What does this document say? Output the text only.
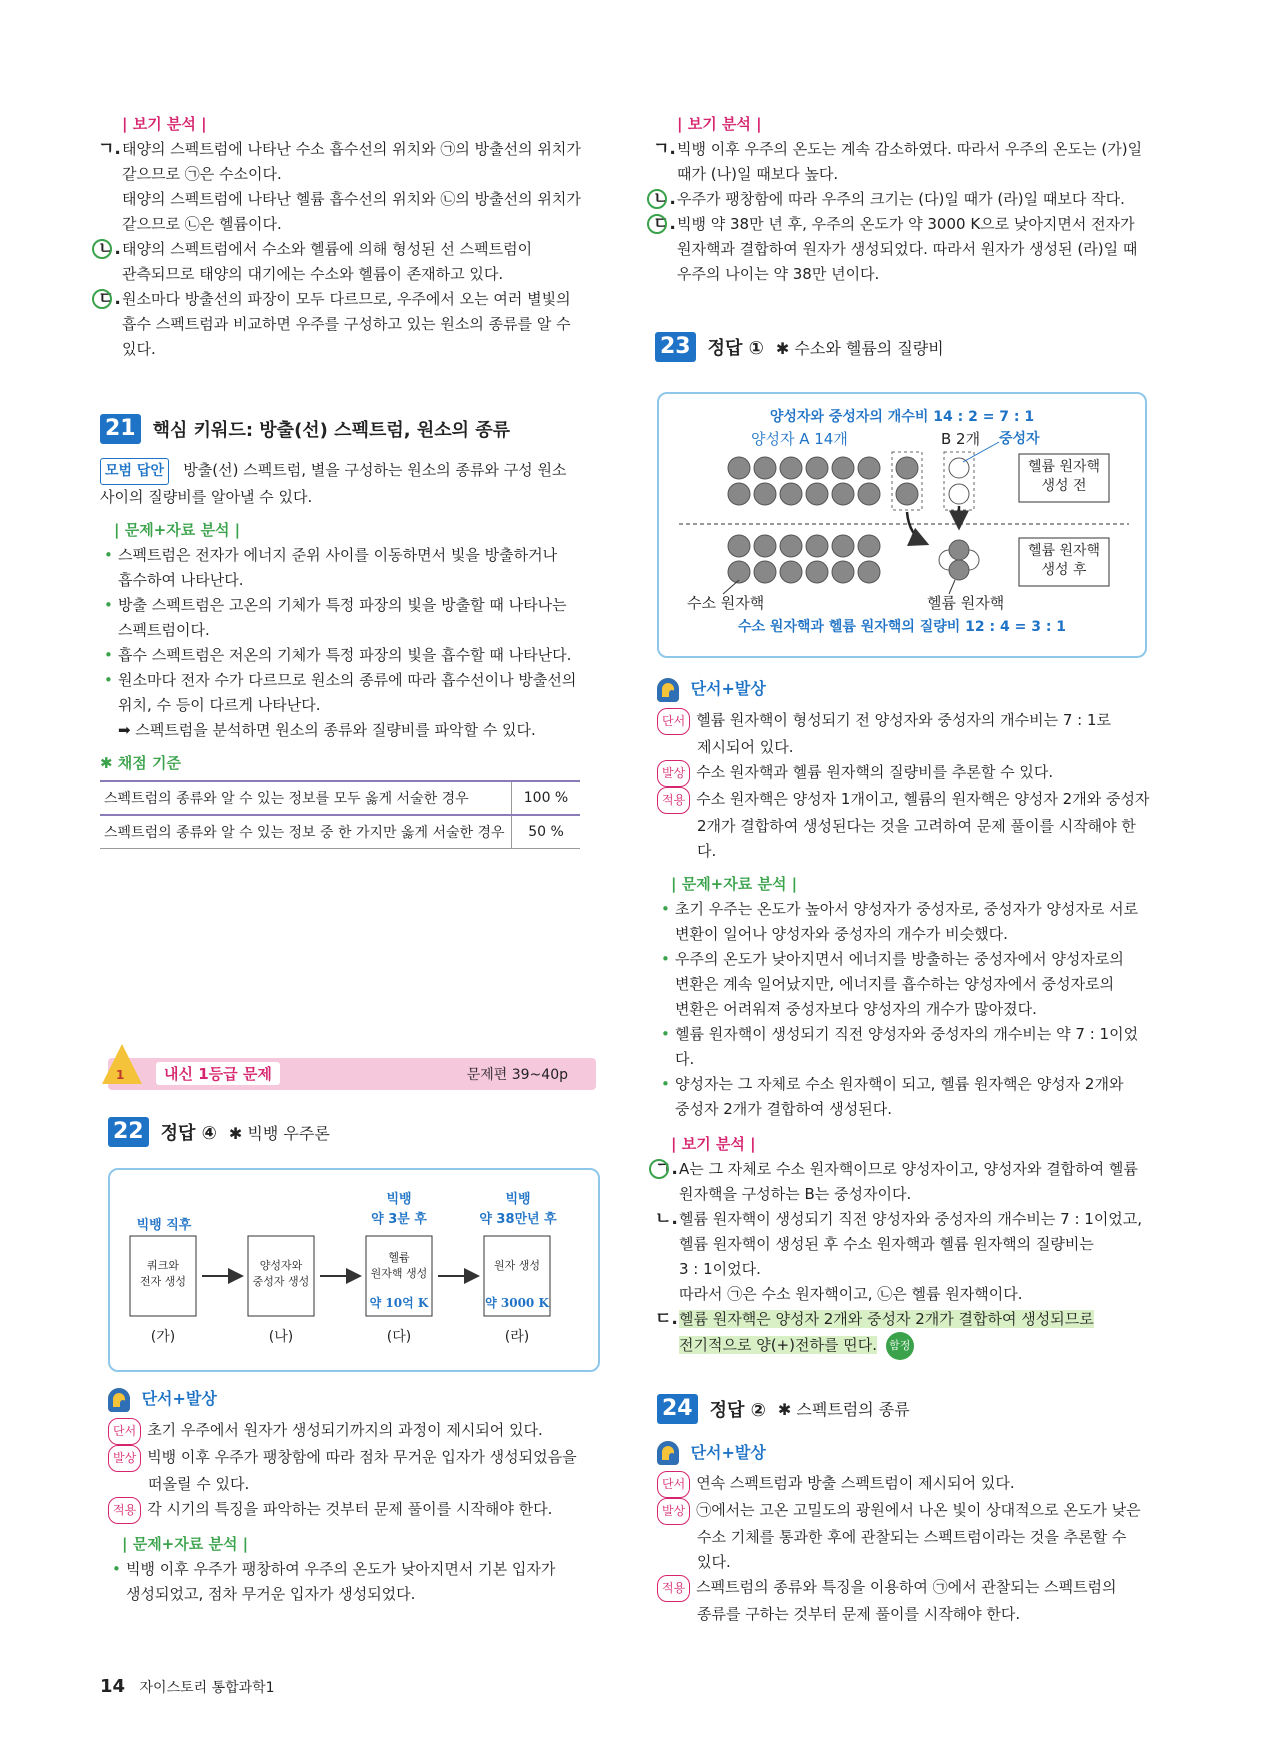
| 보기 분석 |
ㄱ. 태양의 스펙트럼에 나타난 수소 흡수선의 위치와 ㉠의 방출선의 위치가
같으므로 ㉠은 수소이다.
태양의 스펙트럼에 나타난 헬륨 흡수선의 위치와 ㉡의 방출선의 위치가
같으므로 ㉡은 헬륨이다.
ㄴ. 태양의 스펙트럼에서 수소와 헬륨에 의해 형성된 선 스펙트럼이
관측되므로 태양의 대기에는 수소와 헬륨이 존재하고 있다.
ㄷ. 원소마다 방출선의 파장이 모두 다르므로, 우주에서 오는 여러 별빛의
흡수 스펙트럼과 비교하면 우주를 구성하고 있는 원소의 종류를 알 수
있다.
21 핵심 키워드: 방출(선) 스펙트럼, 원소의 종류
모범 답안 방출(선) 스펙트럼, 별을 구성하는 원소의 종류와 구성 원소
사이의 질량비를 알아낼 수 있다.
| 문제+자료 분석 |
• 스펙트럼은 전자가 에너지 준위 사이를 이동하면서 빛을 방출하거나
흡수하여 나타난다.
• 방출 스펙트럼은 고온의 기체가 특정 파장의 빛을 방출할 때 나타나는
스펙트럼이다.
• 흡수 스펙트럼은 저온의 기체가 특정 파장의 빛을 흡수할 때 나타난다.
• 원소마다 전자 수가 다르므로 원소의 종류에 따라 흡수선이나 방출선의
위치, 수 등이 다르게 나타난다.
➡ 스펙트럼을 분석하면 원소의 종류와 질량비를 파악할 수 있다.
✱ 채점 기준
스펙트럼의 종류와 알 수 있는 정보를 모두 옳게 서술한 경우	100 %
스펙트럼의 종류와 알 수 있는 정보 중 한 가지만 옳게 서술한 경우	50 %
1	내신 1등급 문제	문제편 39~40p
22 정답 ④ ✱ 빅뱅 우주론
빅뱅 직후
빅뱅
약 3분 후
빅뱅
약 38만년 후
쿼크와
전자 생성
양성자와
중성자 생성
헬륨
원자핵 생성
약 10억 K
원자 생성
약 3000 K
(가)	(나)	(다)	(라)
단서+발상
단서 초기 우주에서 원자가 생성되기까지의 과정이 제시되어 있다.
발상 빅뱅 이후 우주가 팽창함에 따라 점차 무거운 입자가 생성되었음을
떠올릴 수 있다.
적용 각 시기의 특징을 파악하는 것부터 문제 풀이를 시작해야 한다.
| 문제+자료 분석 |
• 빅뱅 이후 우주가 팽창하여 우주의 온도가 낮아지면서 기본 입자가
생성되었고, 점차 무거운 입자가 생성되었다.
14 자이스토리 통합과학1
| 보기 분석 |
ㄱ. 빅뱅 이후 우주의 온도는 계속 감소하였다. 따라서 우주의 온도는 (가)일
때가 (나)일 때보다 높다.
ㄴ. 우주가 팽창함에 따라 우주의 크기는 (다)일 때가 (라)일 때보다 작다.
ㄷ. 빅뱅 약 38만 년 후, 우주의 온도가 약 3000 K으로 낮아지면서 전자가
원자핵과 결합하여 원자가 생성되었다. 따라서 원자가 생성된 (라)일 때
우주의 나이는 약 38만 년이다.
23 정답 ① ✱ 수소와 헬륨의 질량비
양성자와 중성자의 개수비 14 : 2 = 7 : 1
양성자 A 14개	B 2개 중성자
헬륨 원자핵
생성 전
헬륨 원자핵
생성 후
수소 원자핵	헬륨 원자핵
수소 원자핵과 헬륨 원자핵의 질량비 12 : 4 = 3 : 1
단서+발상
단서 헬륨 원자핵이 형성되기 전 양성자와 중성자의 개수비는 7 : 1로
제시되어 있다.
발상 수소 원자핵과 헬륨 원자핵의 질량비를 추론할 수 있다.
적용 수소 원자핵은 양성자 1개이고, 헬륨의 원자핵은 양성자 2개와 중성자
2개가 결합하여 생성된다는 것을 고려하여 문제 풀이를 시작해야 한다.
| 문제+자료 분석 |
• 초기 우주는 온도가 높아서 양성자가 중성자로, 중성자가 양성자로 서로
변환이 일어나 양성자와 중성자의 개수가 비슷했다.
• 우주의 온도가 낮아지면서 에너지를 방출하는 중성자에서 양성자로의
변환은 계속 일어났지만, 에너지를 흡수하는 양성자에서 중성자로의
변환은 어려워져 중성자보다 양성자의 개수가 많아졌다.
• 헬륨 원자핵이 생성되기 직전 양성자와 중성자의 개수비는 약 7 : 1이었다.
• 양성자는 그 자체로 수소 원자핵이 되고, 헬륨 원자핵은 양성자 2개와
중성자 2개가 결합하여 생성된다.
| 보기 분석 |
ㄱ. A는 그 자체로 수소 원자핵이므로 양성자이고, 양성자와 결합하여 헬륨
원자핵을 구성하는 B는 중성자이다.
ㄴ. 헬륨 원자핵이 생성되기 직전 양성자와 중성자의 개수비는 7 : 1이었고,
헬륨 원자핵이 생성된 후 수소 원자핵과 헬륨 원자핵의 질량비는
3 : 1이었다.
따라서 ㉠은 수소 원자핵이고, ㉡은 헬륨 원자핵이다.
ㄷ. 헬륨 원자핵은 양성자 2개와 중성자 2개가 결합하여 생성되므로
전기적으로 양(+)전하를 띤다. 함정
24 정답 ② ✱ 스펙트럼의 종류
단서+발상
단서 연속 스펙트럼과 방출 스펙트럼이 제시되어 있다.
발상 ㉠에서는 고온 고밀도의 광원에서 나온 빛이 상대적으로 온도가 낮은
수소 기체를 통과한 후에 관찰되는 스펙트럼이라는 것을 추론할 수
있다.
적용 스펙트럼의 종류와 특징을 이용하여 ㉠에서 관찰되는 스펙트럼의
종류를 구하는 것부터 문제 풀이를 시작해야 한다.
